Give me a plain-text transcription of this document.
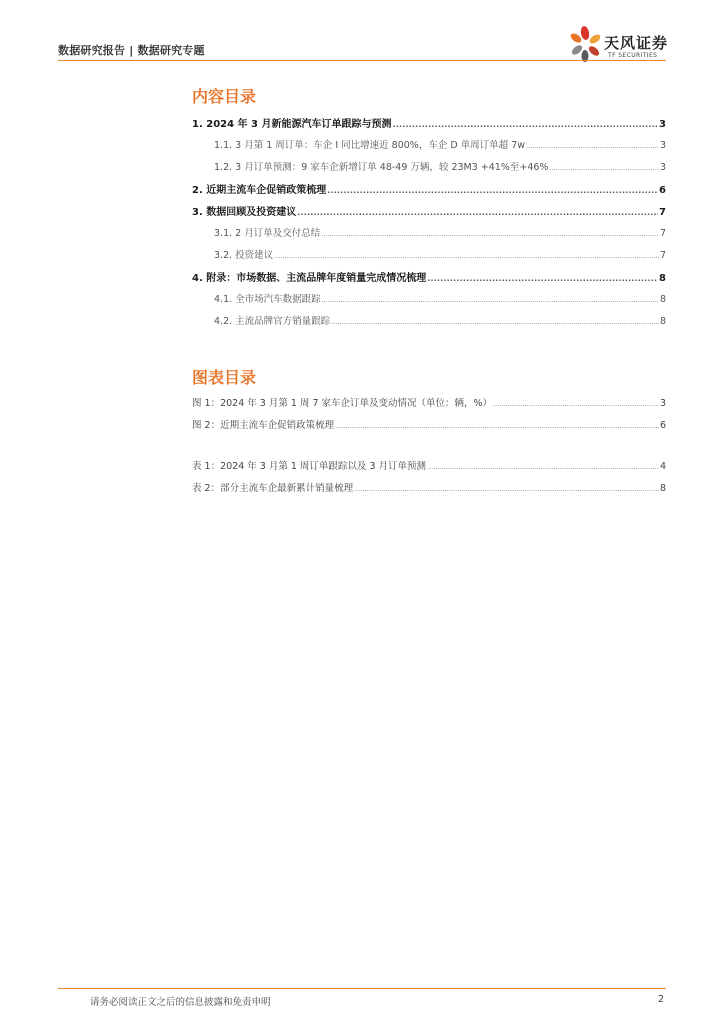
数据研究报告 | 数据研究专题	天风证券
TF SECURITIES
内容目录
1. 2024 年 3 月新能源汽车订单跟踪与预测 .....	3
1.1. 3 月第 1 周订单：车企 I 同比增速近 800%，车企 D 单周订单超 7w .....	3
1.2. 3 月订单预测：9 家车企新增订单 48-49 万辆，较 23M3 +41%至+46% .....	3
2. 近期主流车企促销政策梳理 .....	6
3. 数据回顾及投资建议 .....	7
3.1. 2 月订单及交付总结 .....	7
3.2. 投资建议 .....	7
4. 附录：市场数据、主流品牌年度销量完成情况梳理 .....	8
4.1. 全市场汽车数据跟踪 .....	8
4.2. 主流品牌官方销量跟踪 .....	8
图表目录
图 1：2024 年 3 月第 1 周 7 家车企订单及变动情况（单位：辆，%） .....	3
图 2：近期主流车企促销政策梳理 .....	6
表 1：2024 年 3 月第 1 周订单跟踪以及 3 月订单预测 .....	4
表 2：部分主流车企最新累计销量梳理 .....	8
请务必阅读正文之后的信息披露和免责申明	2
